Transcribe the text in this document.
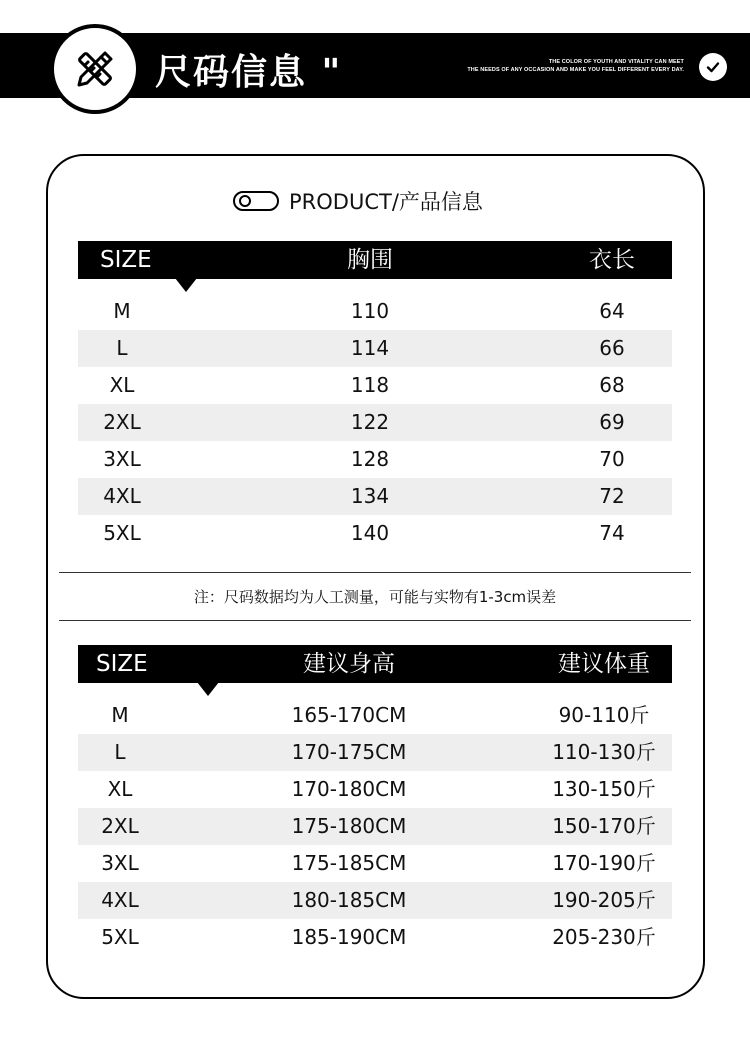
尺码信息 "	THE COLOR OF YOUTH AND VITALITY CAN MEET
THE NEEDS OF ANY OCCASION AND MAKE YOU FEEL DIFFERENT EVERY DAY.
PRODUCT/产品信息
SIZE	胸围	衣长
M	110	64
L	114	66
XL	118	68
2XL	122	69
3XL	128	70
4XL	134	72
5XL	140	74
注：尺码数据均为人工测量，可能与实物有1-3cm误差
SIZE	建议身高	建议体重
M	165-170CM	90-110斤
L	170-175CM	110-130斤
XL	170-180CM	130-150斤
2XL	175-180CM	150-170斤
3XL	175-185CM	170-190斤
4XL	180-185CM	190-205斤
5XL	185-190CM	205-230斤
